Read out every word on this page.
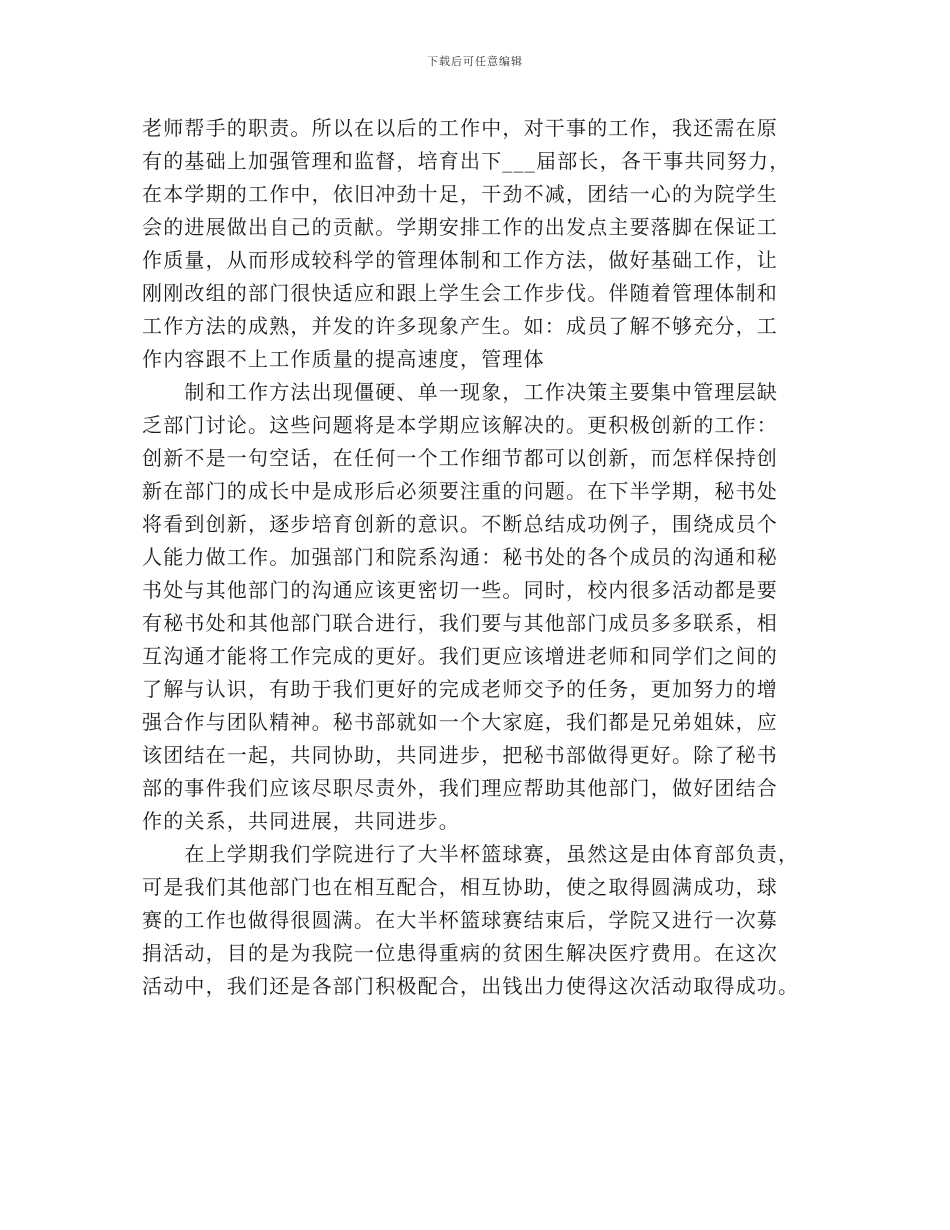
下载后可任意编辑
老师帮手的职责。所以在以后的工作中，对干事的工作，我还需在原
有的基础上加强管理和监督，培育出下___届部长，各干事共同努力，
在本学期的工作中，依旧冲劲十足，干劲不减，团结一心的为院学生
会的进展做出自己的贡献。学期安排工作的出发点主要落脚在保证工
作质量，从而形成较科学的管理体制和工作方法，做好基础工作，让
刚刚改组的部门很快适应和跟上学生会工作步伐。伴随着管理体制和
工作方法的成熟，并发的许多现象产生。如：成员了解不够充分，工
作内容跟不上工作质量的提高速度，管理体
　　制和工作方法出现僵硬、单一现象，工作决策主要集中管理层缺
乏部门讨论。这些问题将是本学期应该解决的。更积极创新的工作：
创新不是一句空话，在任何一个工作细节都可以创新，而怎样保持创
新在部门的成长中是成形后必须要注重的问题。在下半学期，秘书处
将看到创新，逐步培育创新的意识。不断总结成功例子，围绕成员个
人能力做工作。加强部门和院系沟通：秘书处的各个成员的沟通和秘
书处与其他部门的沟通应该更密切一些。同时，校内很多活动都是要
有秘书处和其他部门联合进行，我们要与其他部门成员多多联系，相
互沟通才能将工作完成的更好。我们更应该增进老师和同学们之间的
了解与认识，有助于我们更好的完成老师交予的任务，更加努力的增
强合作与团队精神。秘书部就如一个大家庭，我们都是兄弟姐妹，应
该团结在一起，共同协助，共同进步，把秘书部做得更好。除了秘书
部的事件我们应该尽职尽责外，我们理应帮助其他部门，做好团结合
作的关系，共同进展，共同进步。
　　在上学期我们学院进行了大半杯篮球赛，虽然这是由体育部负责，
可是我们其他部门也在相互配合，相互协助，使之取得圆满成功，球
赛的工作也做得很圆满。在大半杯篮球赛结束后，学院又进行一次募
捐活动，目的是为我院一位患得重病的贫困生解决医疗费用。在这次
活动中，我们还是各部门积极配合，出钱出力使得这次活动取得成功。
